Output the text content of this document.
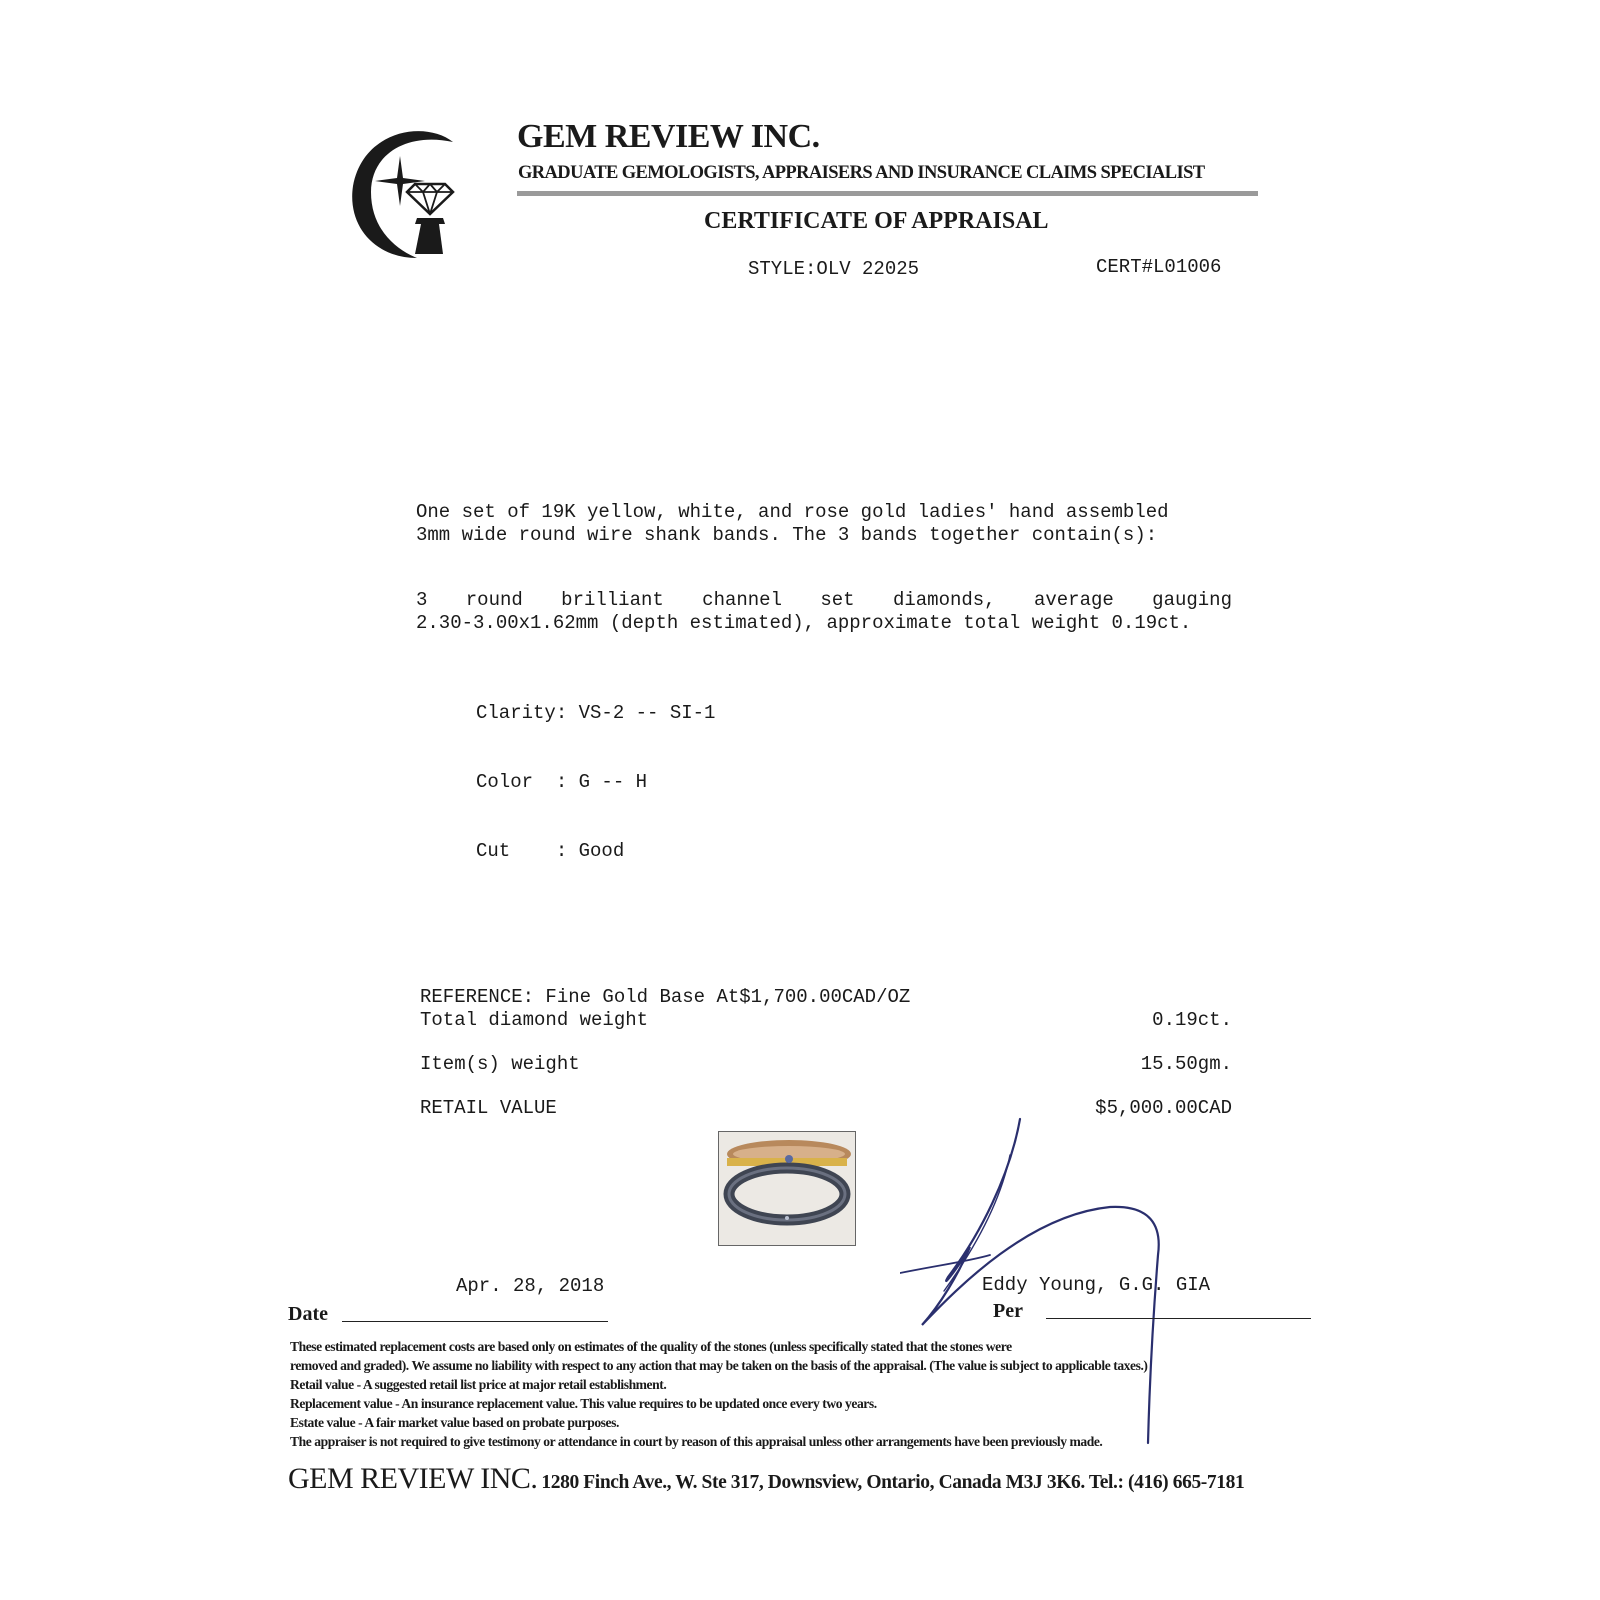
GEM REVIEW INC.
GRADUATE GEMOLOGISTS, APPRAISERS AND INSURANCE CLAIMS SPECIALIST
CERTIFICATE OF APPRAISAL
STYLE:OLV 22025	CERT#L01006
One set of 19K yellow, white, and rose gold ladies' hand assembled
3mm wide round wire shank bands. The 3 bands together contain(s):
3 round brilliant channel set diamonds, average gauging
2.30-3.00x1.62mm (depth estimated), approximate total weight 0.19ct.

Clarity: VS-2 -- SI-1

Color  : G -- H

Cut    : Good

REFERENCE: Fine Gold Base At$1,700.00CAD/OZ
Total diamond weight	0.19ct.
Item(s) weight	15.50gm.
RETAIL VALUE	$5,000.00CAD
Apr. 28, 2018
Date
Eddy Young, G.G. GIA
Per
These estimated replacement costs are based only on estimates of the quality of the stones (unless specifically stated that the stones were
removed and graded). We assume no liability with respect to any action that may be taken on the basis of the appraisal. (The value is subject to applicable taxes.)
Retail value - A suggested retail list price at major retail establishment.
Replacement value - An insurance replacement value. This value requires to be updated once every two years.
Estate value - A fair market value based on probate purposes.
The appraiser is not required to give testimony or attendance in court by reason of this appraisal unless other arrangements have been previously made.
GEM REVIEW INC. 1280 Finch Ave., W. Ste 317, Downsview, Ontario, Canada M3J 3K6. Tel.: (416) 665-7181
